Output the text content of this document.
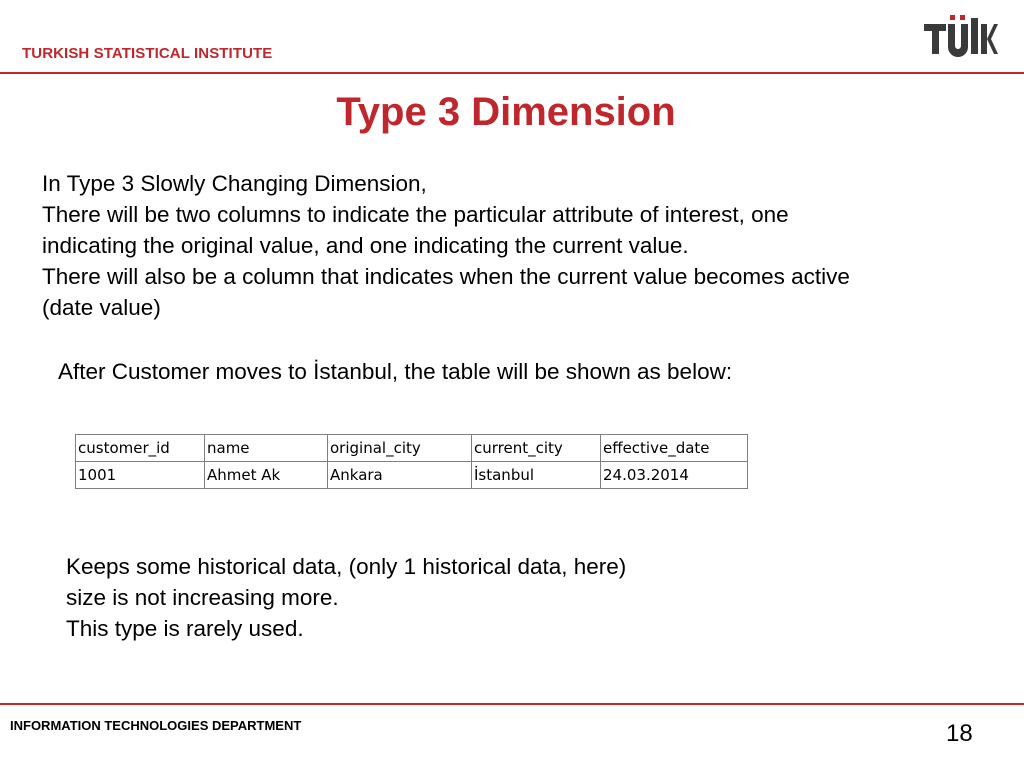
TURKISH STATISTICAL INSTITUTE
Type 3 Dimension
In Type 3 Slowly Changing Dimension,
There will be two columns to indicate the particular attribute of interest, one
indicating the original value, and one indicating the current value.
There will also be a column that indicates when the current value becomes active
(date value)
After Customer moves to İstanbul, the table will be shown as below:
customer_id	name	original_city	current_city	effective_date
1001	Ahmet Ak	Ankara	İstanbul	24.03.2014
Keeps some historical data, (only 1 historical data, here)
size is not increasing more.
This type is rarely used.
INFORMATION TECHNOLOGIES DEPARTMENT	18
